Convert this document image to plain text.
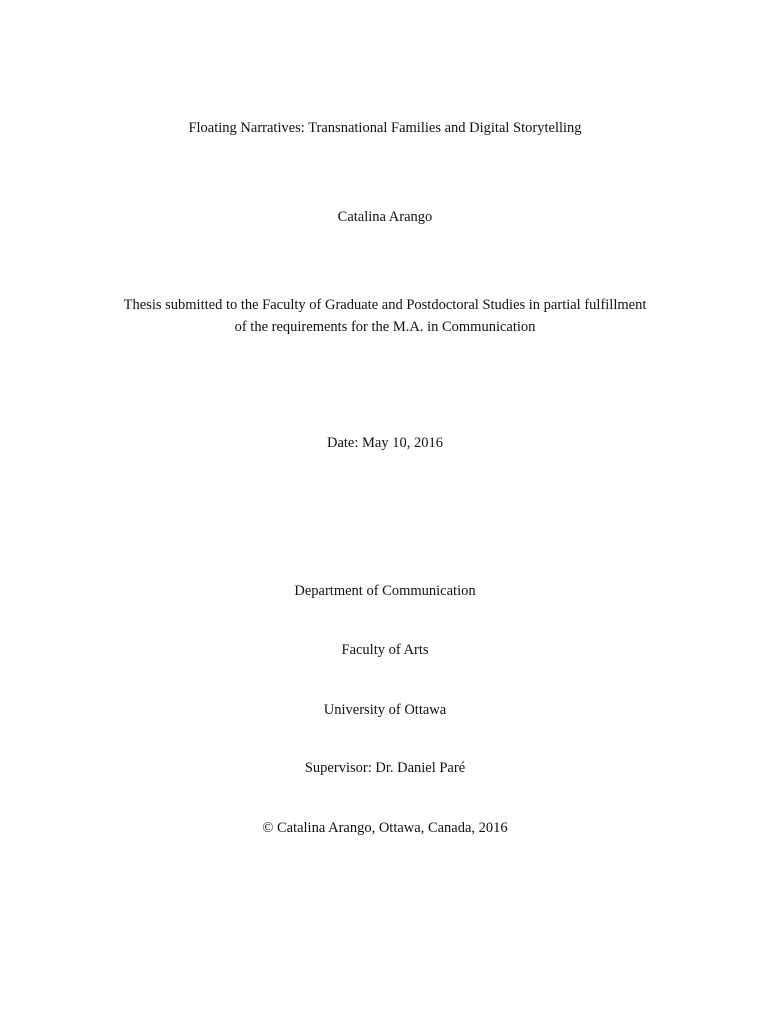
Floating Narratives: Transnational Families and Digital Storytelling
Catalina Arango
Thesis submitted to the Faculty of Graduate and Postdoctoral Studies in partial fulfillment
of the requirements for the M.A. in Communication
Date: May 10, 2016
Department of Communication
Faculty of Arts
University of Ottawa
Supervisor: Dr. Daniel Paré
© Catalina Arango, Ottawa, Canada, 2016
